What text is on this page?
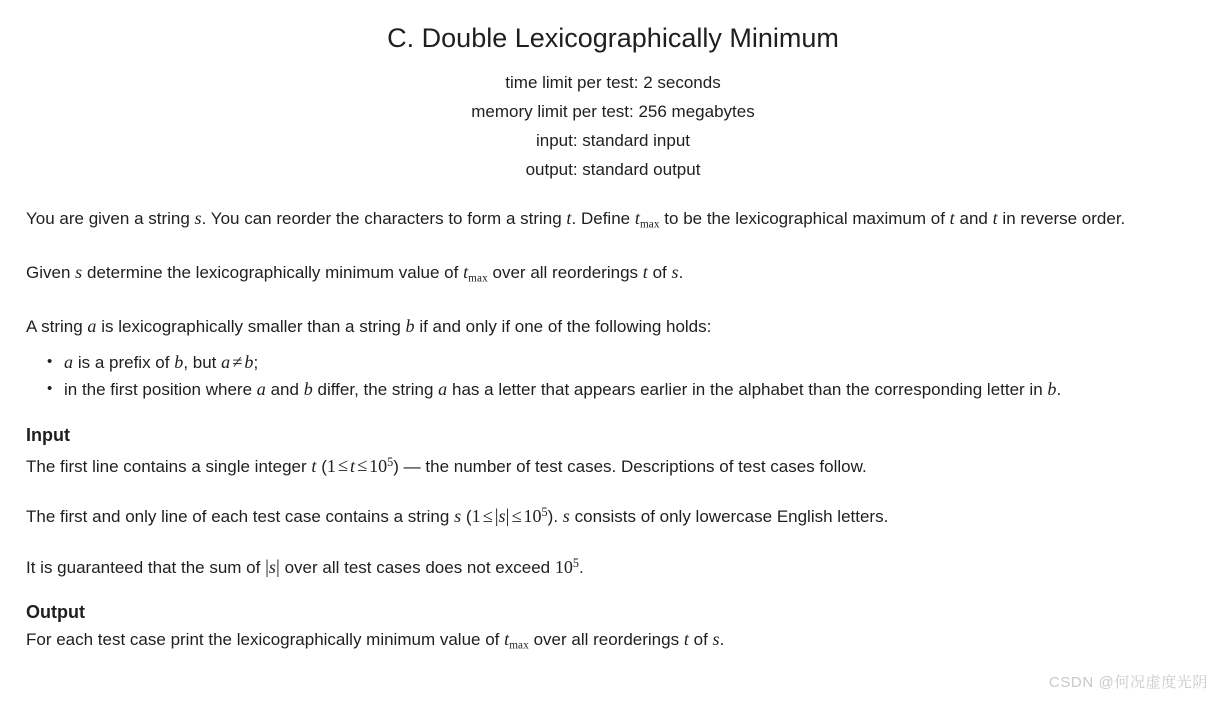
C. Double Lexicographically Minimum
time limit per test: 2 seconds
memory limit per test: 256 megabytes
input: standard input
output: standard output

You are given a string s. You can reorder the characters to form a string t. Define $t_{max}$ to be the lexicographical maximum of t and t in reverse order.

Given s determine the lexicographically minimum value of $t_{max}$ over all reorderings t of s.

A string a is lexicographically smaller than a string b if and only if one of the following holds:

• a is a prefix of b, but a ≠ b;
• in the first position where a and b differ, the string a has a letter that appears earlier in the alphabet than the corresponding letter in b.
Input

The first line contains a single integer t $(1 \le t \le 10^5)$ — the number of test cases. Descriptions of test cases follow.

The first and only line of each test case contains a string s $(1 \le |s| \le 10^5)$. s consists of only lowercase English letters.

It is guaranteed that the sum of |s| over all test cases does not exceed $10^5$.

Output

For each test case print the lexicographically minimum value of $t_{max}$ over all reorderings t of s.

CSDN @何况虚度光阴
